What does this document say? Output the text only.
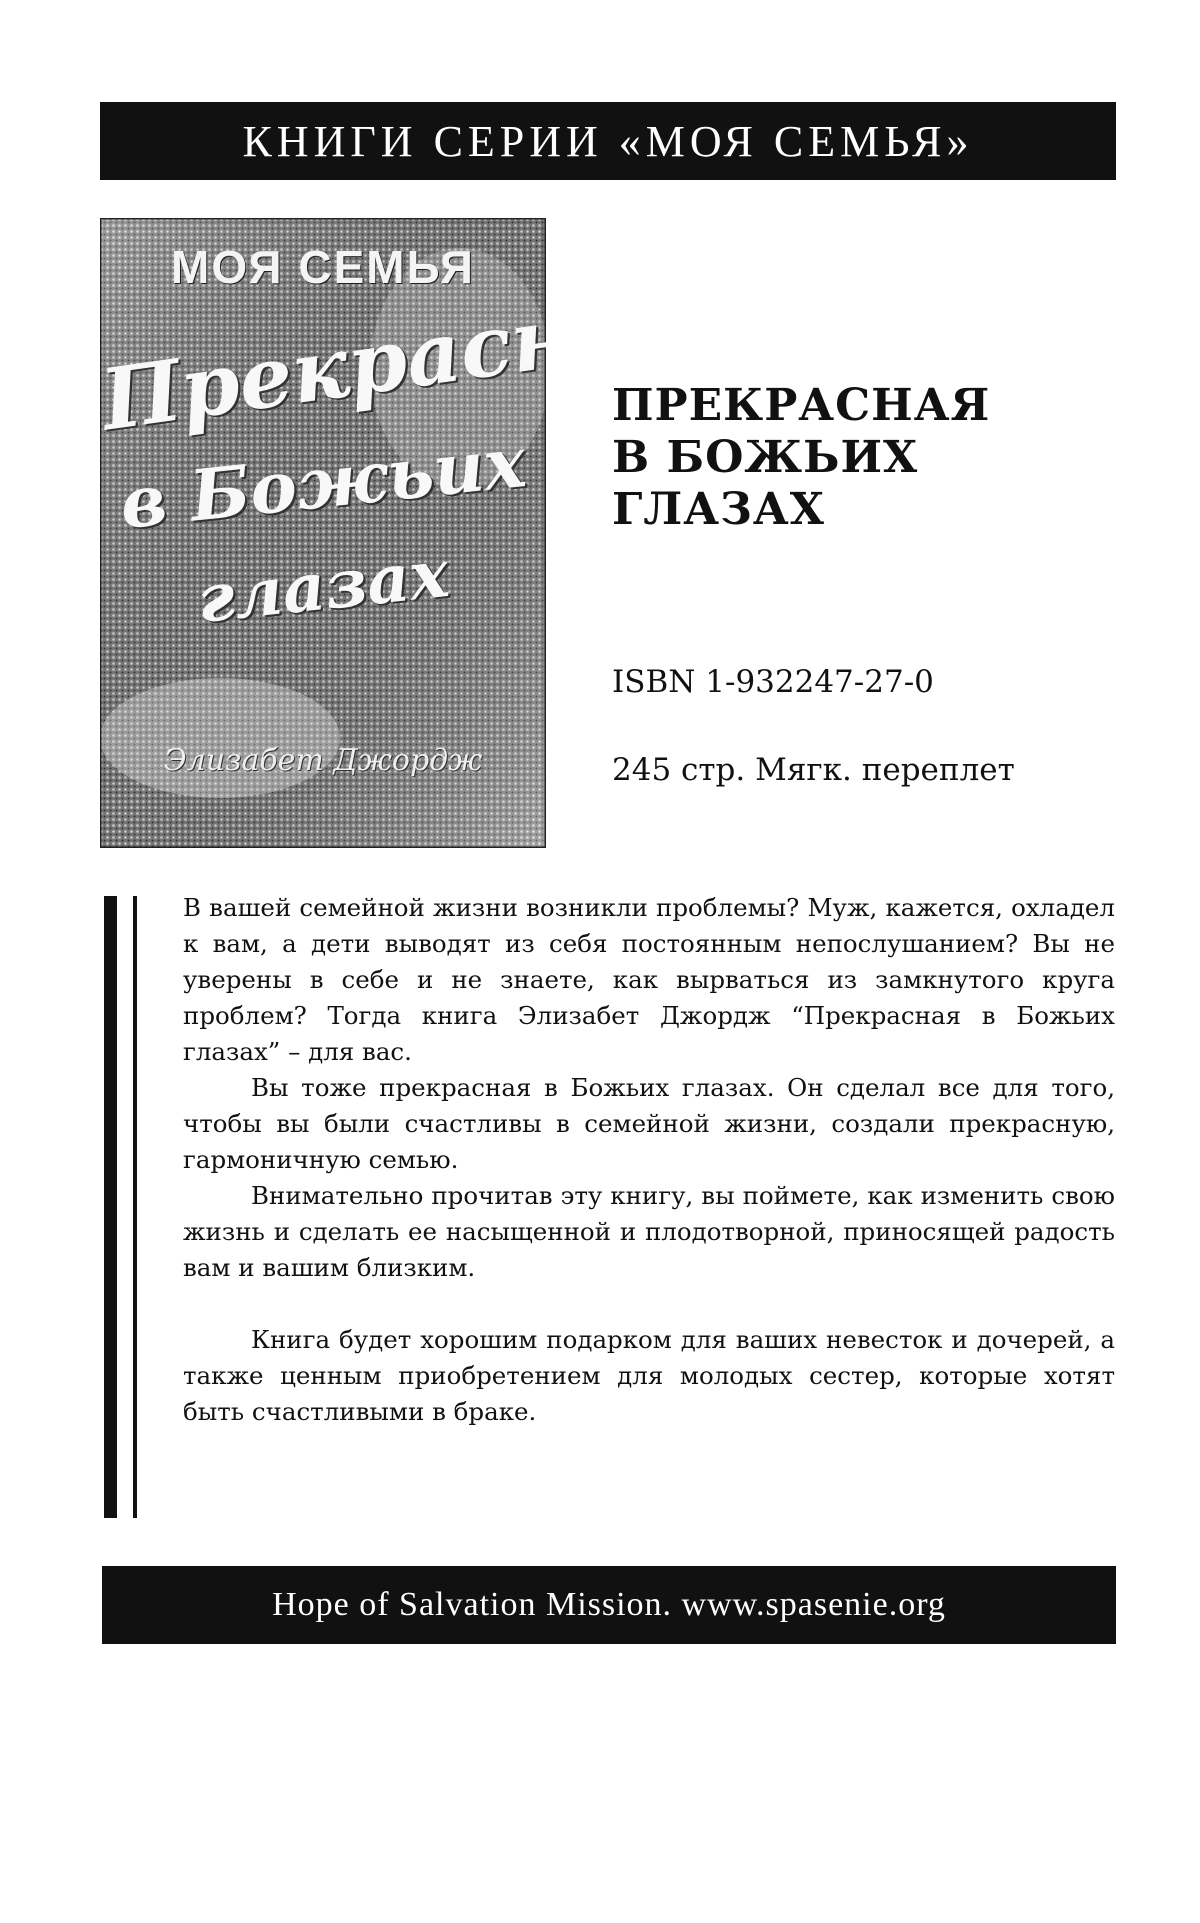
КНИГИ СЕРИИ «МОЯ СЕМЬЯ»
МОЯ СЕМЬЯ
Прекрасная
в Божьих
глазах
Элизабет Джордж
ПРЕКРАСНАЯ
В БОЖЬИХ
ГЛАЗАХ
ISBN 1-932247-27-0
245 стр. Мягк. переплет

В вашей семейной жизни возникли проблемы? Муж, кажется, охладел к вам, а дети выводят из себя постоянным непослушанием? Вы не уверены в себе и не знаете, как вырваться из замкнутого круга проблем? Тогда книга Элизабет Джордж “Прекрасная в Божьих глазах” – для вас.

Вы тоже прекрасная в Божьих глазах. Он сделал все для того, чтобы вы были счастливы в семейной жизни, создали прекрасную, гармоничную семью.

Внимательно прочитав эту книгу, вы поймете, как изменить свою жизнь и сделать ее насыщенной и плодотворной, приносящей радость вам и вашим близким.

Книга будет хорошим подарком для ваших невесток и дочерей, а также ценным приобретением для молодых сестер, которые хотят быть счастливыми в браке.

Hope of Salvation Mission. www.spasenie.org
